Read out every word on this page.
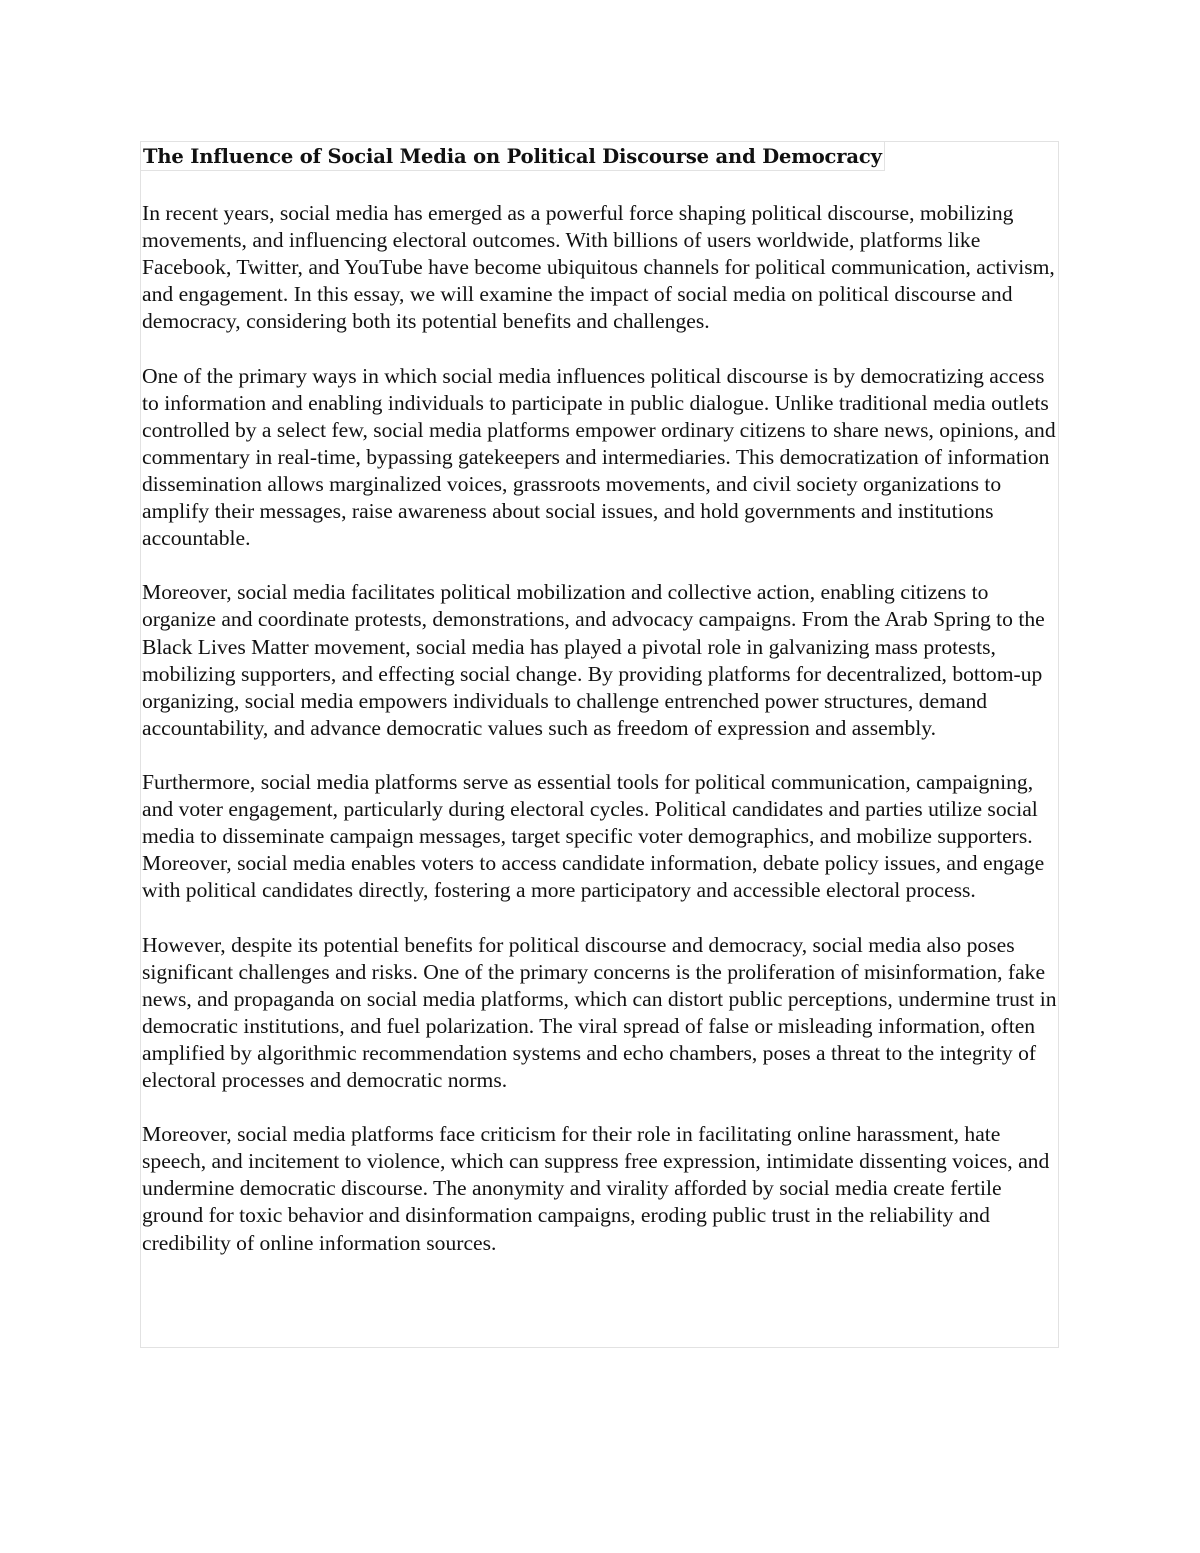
The Influence of Social Media on Political Discourse and Democracy

In recent years, social media has emerged as a powerful force shaping political discourse, mobilizing movements, and influencing electoral outcomes. With billions of users worldwide, platforms like Facebook, Twitter, and YouTube have become ubiquitous channels for political communication, activism, and engagement. In this essay, we will examine the impact of social media on political discourse and democracy, considering both its potential benefits and challenges.

One of the primary ways in which social media influences political discourse is by democratizing access to information and enabling individuals to participate in public dialogue. Unlike traditional media outlets controlled by a select few, social media platforms empower ordinary citizens to share news, opinions, and commentary in real-time, bypassing gatekeepers and intermediaries. This democratization of information dissemination allows marginalized voices, grassroots movements, and civil society organizations to amplify their messages, raise awareness about social issues, and hold governments and institutions accountable.

Moreover, social media facilitates political mobilization and collective action, enabling citizens to organize and coordinate protests, demonstrations, and advocacy campaigns. From the Arab Spring to the Black Lives Matter movement, social media has played a pivotal role in galvanizing mass protests, mobilizing supporters, and effecting social change. By providing platforms for decentralized, bottom-up organizing, social media empowers individuals to challenge entrenched power structures, demand accountability, and advance democratic values such as freedom of expression and assembly.

Furthermore, social media platforms serve as essential tools for political communication, campaigning, and voter engagement, particularly during electoral cycles. Political candidates and parties utilize social media to disseminate campaign messages, target specific voter demographics, and mobilize supporters. Moreover, social media enables voters to access candidate information, debate policy issues, and engage with political candidates directly, fostering a more participatory and accessible electoral process.

However, despite its potential benefits for political discourse and democracy, social media also poses significant challenges and risks. One of the primary concerns is the proliferation of misinformation, fake news, and propaganda on social media platforms, which can distort public perceptions, undermine trust in democratic institutions, and fuel polarization. The viral spread of false or misleading information, often amplified by algorithmic recommendation systems and echo chambers, poses a threat to the integrity of electoral processes and democratic norms.

Moreover, social media platforms face criticism for their role in facilitating online harassment, hate speech, and incitement to violence, which can suppress free expression, intimidate dissenting voices, and undermine democratic discourse. The anonymity and virality afforded by social media create fertile ground for toxic behavior and disinformation campaigns, eroding public trust in the reliability and credibility of online information sources.
